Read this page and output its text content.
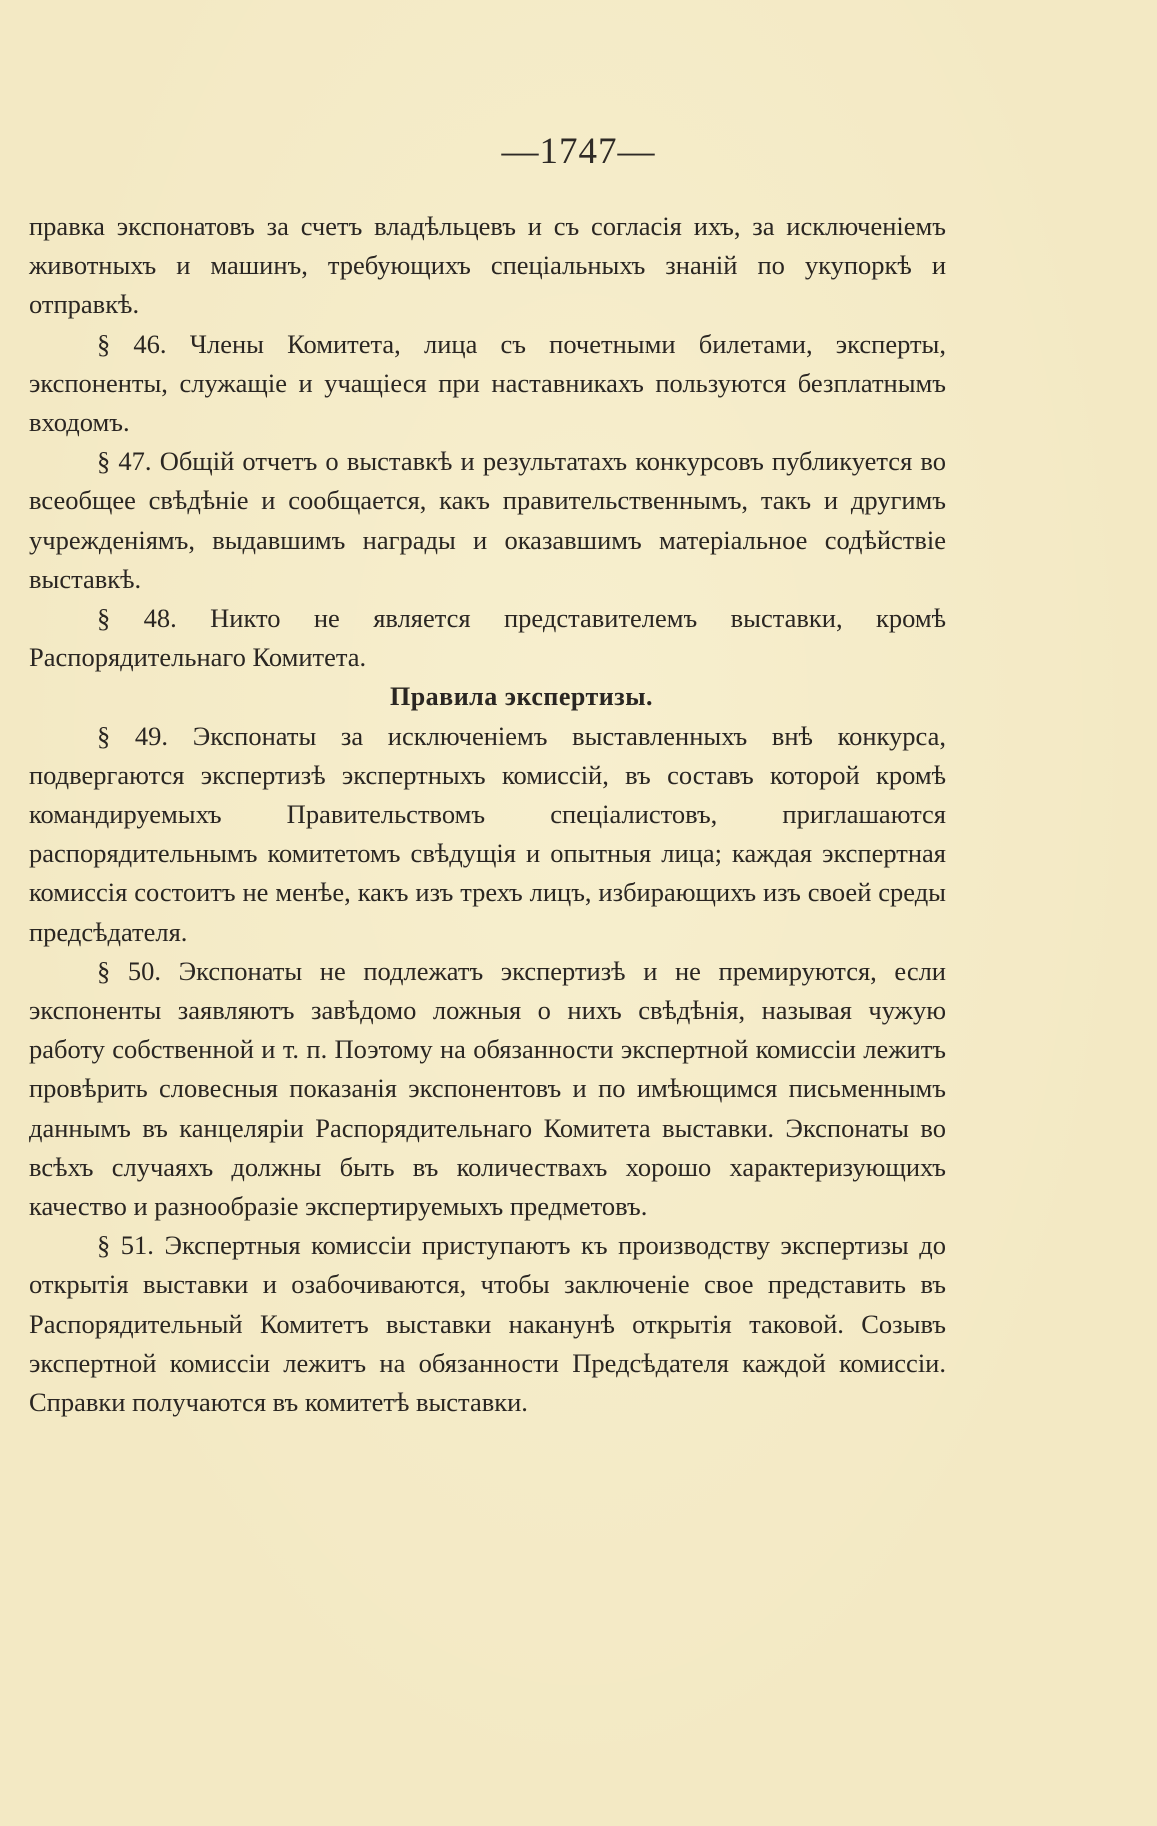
—1747—

правка экспонатовъ за счетъ владѣльцевъ и съ согласія ихъ, за исключеніемъ животныхъ и машинъ, требующихъ спеціальныхъ знаній по укупоркѣ и отправкѣ.

§ 46. Члены Комитета, лица съ почетными билетами, эксперты, экспоненты, служащіе и учащіеся при наставникахъ пользуются безплатнымъ входомъ.

§ 47. Общій отчетъ о выставкѣ и результатахъ конкурсовъ публикуется во всеобщее свѣдѣніе и сообщается, какъ правительственнымъ, такъ и другимъ учрежденіямъ, выдавшимъ награды и оказавшимъ матеріальное содѣйствіе выставкѣ.

§ 48. Никто не является представителемъ выставки, кромѣ Распорядительнаго Комитета.

Правила экспертизы.

§ 49. Экспонаты за исключеніемъ выставленныхъ внѣ конкурса, подвергаются экспертизѣ экспертныхъ комиссій, въ составъ которой кромѣ командируемыхъ Правительствомъ спеціалистовъ, приглашаются распорядительнымъ комитетомъ свѣдущія и опытныя лица; каждая экспертная комиссія состоитъ не менѣе, какъ изъ трехъ лицъ, избирающихъ изъ своей среды предсѣдателя.

§ 50. Экспонаты не подлежатъ экспертизѣ и не премируются, если экспоненты заявляютъ завѣдомо ложныя о нихъ свѣдѣнія, называя чужую работу собственной и т. п. Поэтому на обязанности экспертной комиссіи лежитъ провѣрить словесныя показанія экспонентовъ и по имѣющимся письменнымъ даннымъ въ канцеляріи Распорядительнаго Комитета выставки. Экспонаты во всѣхъ случаяхъ должны быть въ количествахъ хорошо характеризующихъ качество и разнообразіе экспертируемыхъ предметовъ.

§ 51. Экспертныя комиссіи приступаютъ къ производству экспертизы до открытія выставки и озабочиваются, чтобы заключеніе свое представить въ Распорядительный Комитетъ выставки наканунѣ открытія таковой. Созывъ экспертной комиссіи лежитъ на обязанности Предсѣдателя каждой комиссіи. Справки получаются въ комитетѣ выставки.
